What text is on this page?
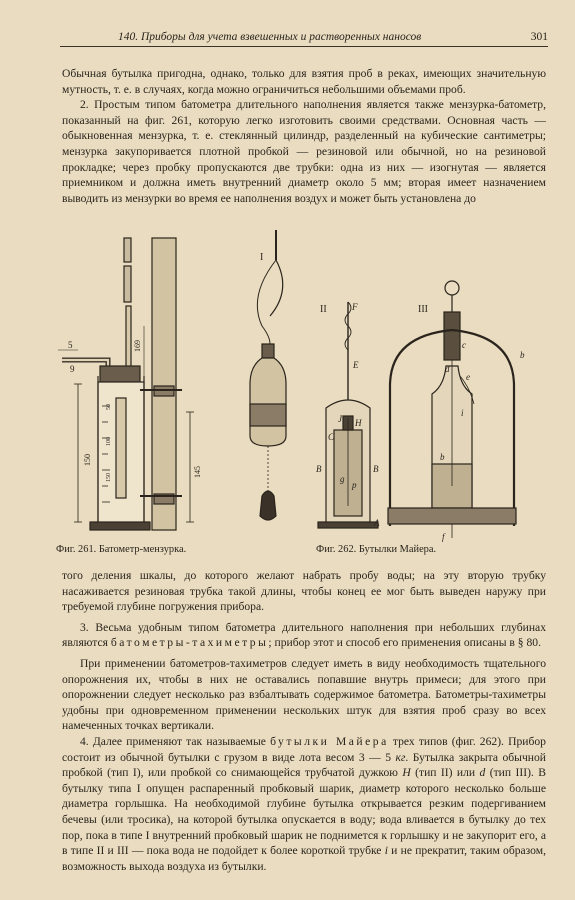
140. Приборы для учета взвешенных и растворенных наносов	301

Обычная бутылка пригодна, однако, только для взятия проб в реках, имеющих значительную мутность, т. е. в случаях, когда можно ограничиться небольшими объемами проб.

2. Простым типом батометра длительного наполнения является также мензурка-батометр, показанный на фиг. 261, которую легко изготовить своими средствами. Основная часть — обыкновенная мензурка, т. е. стеклянный цилиндр, разделенный на кубические сантиметры; мензурка закупоривается плотной пробкой — резиновой или обычной, но на резиновой прокладке; через пробку пропускаются две трубки: одна из них — изогнутая — является приемником и должна иметь внутренний диаметр около 5 мм; вторая имеет назначением выводить из мензурки во время ее наполнения воздух и может быть установлена до

5
9
169
150
145
50
100
150
I
II	F
E
J H
C
B	B
g
p
A
III
b
c
d
e
i
b
f
Фиг. 261. Батометр-мензурка.	Фиг. 262. Бутылки Майера.

того деления шкалы, до которого желают набрать пробу воды; на эту вторую трубку насаживается резиновая трубка такой длины, чтобы конец ее мог быть выведен наружу при требуемой глубине погружения прибора.

3. Весьма удобным типом батометра длительного наполнения при небольших глубинах являются батометры-тахиметры; прибор этот и способ его применения описаны в § 80.

При применении батометров-тахиметров следует иметь в виду необходимость тщательного опорожнения их, чтобы в них не оставались попавшие внутрь примеси; для этого при опорожнении следует несколько раз взбалтывать содержимое батометра. Батометры-тахиметры удобны при одновременном применении нескольких штук для взятия проб сразу во всех намеченных точках вертикали.

4. Далее применяют так называемые бутылки Майера трех типов (фиг. 262). Прибор состоит из обычной бутылки с грузом в виде лота весом 3 — 5 кг. Бутылка закрыта обычной пробкой (тип I), или пробкой со снимающейся трубчатой дужкою H (тип II) или d (тип III). В бутылку типа I опущен распаренный пробковый шарик, диаметр которого несколько больше диаметра горлышка. На необходимой глубине бутылка открывается резким подергиванием бечевы (или тросика), на которой бутылка опускается в воду; вода вливается в бутылку до тех пор, пока в типе I внутренний пробковый шарик не поднимется к горлышку и не закупорит его, а в типе II и III — пока вода не подойдет к более короткой трубке i и не прекратит, таким образом, возможность выхода воздуха из бутылки.
